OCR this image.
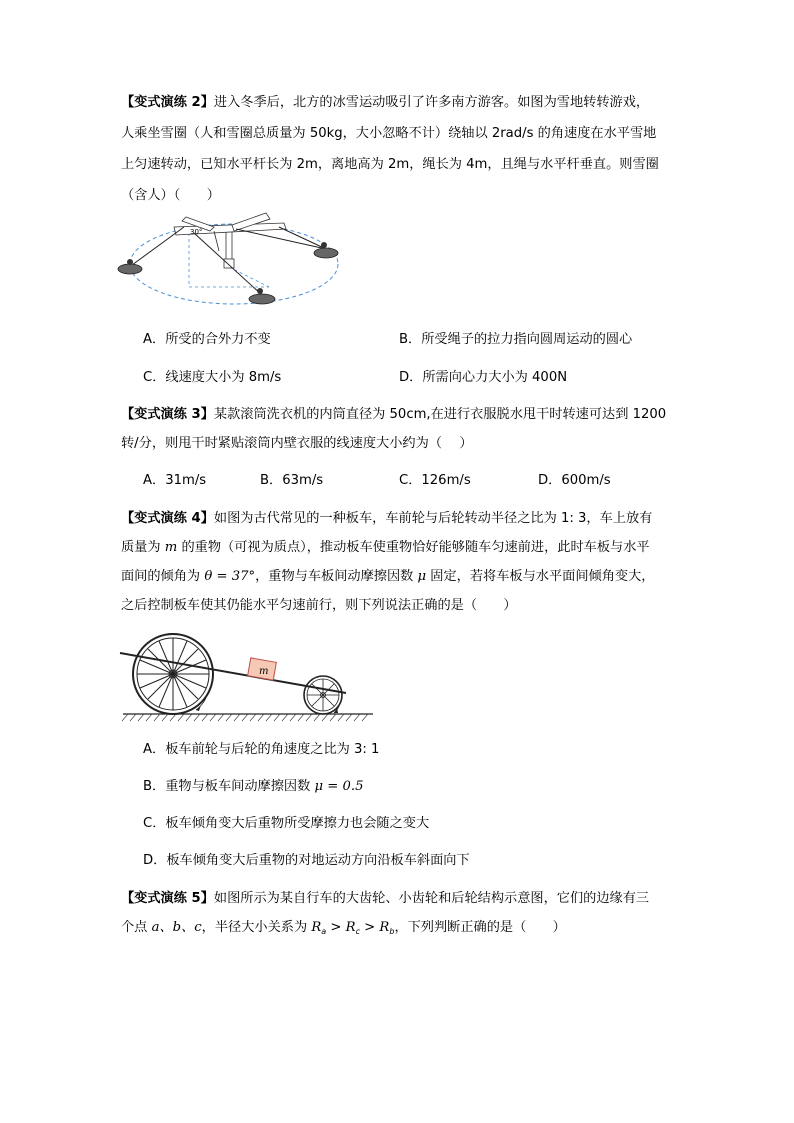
【变式演练 2】进入冬季后，北方的冰雪运动吸引了许多南方游客。如图为雪地转转游戏，
人乘坐雪圈（人和雪圈总质量为 50kg，大小忽略不计）绕轴以 2rad/s 的角速度在水平雪地
上匀速转动，已知水平杆长为 2m，离地高为 2m，绳长为 4m，且绳与水平杆垂直。则雪圈
（含人）（　　）
30°
A．所受的合外力不变	B．所受绳子的拉力指向圆周运动的圆心
C．线速度大小为 8m/s	D．所需向心力大小为 400N
【变式演练 3】某款滚筒洗衣机的内筒直径为 50cm,在进行衣服脱水甩干时转速可达到 1200
转/分，则甩干时紧贴滚筒内壁衣服的线速度大小约为（　 ）
A．31m/s	B．63m/s	C．126m/s	D．600m/s
【变式演练 4】如图为古代常见的一种板车，车前轮与后轮转动半径之比为 1: 3，车上放有
质量为 m 的重物（可视为质点），推动板车使重物恰好能够随车匀速前进，此时车板与水平
面间的倾角为 θ = 37°，重物与车板间动摩擦因数 μ 固定，若将车板与水平面间倾角变大，
之后控制板车使其仍能水平匀速前行，则下列说法正确的是（　　）
m
A．板车前轮与后轮的角速度之比为 3: 1
B．重物与板车间动摩擦因数 μ = 0.5
C．板车倾角变大后重物所受摩擦力也会随之变大
D．板车倾角变大后重物的对地运动方向沿板车斜面向下
【变式演练 5】如图所示为某自行车的大齿轮、小齿轮和后轮结构示意图，它们的边缘有三
个点 a、b、c，半径大小关系为 $R_a > R_c > R_b$，下列判断正确的是（　　）
